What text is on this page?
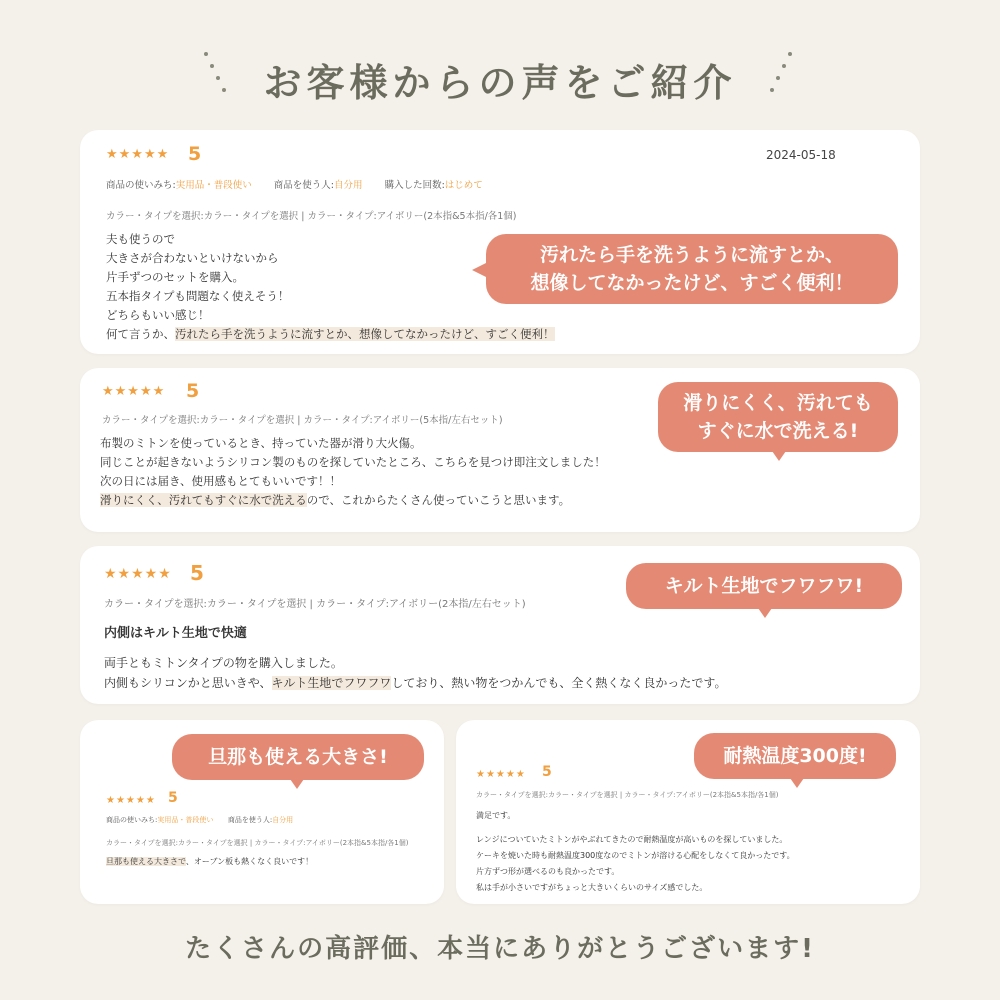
お客様からの声をご紹介
★★★★★ 5	2024-05-18
商品の使いみち:実用品・普段使い 商品を使う人:自分用 購入した回数:はじめて
カラー・タイプを選択:カラー・タイプを選択 | カラー・タイプ:アイボリー(2本指&5本指/各1個)
夫も使うので
大きさが合わないといけないから
片手ずつのセットを購入。
五本指タイプも問題なく使えそう！
どちらもいい感じ！
何て言うか、汚れたら手を洗うように流すとか、想像してなかったけど、すごく便利！
汚れたら手を洗うように流すとか、
想像してなかったけど、すごく便利！
★★★★★ 5
カラー・タイプを選択:カラー・タイプを選択 | カラー・タイプ:アイボリー(5本指/左右セット)
布製のミトンを使っているとき、持っていた器が滑り大火傷。
同じことが起きないようシリコン製のものを探していたところ、こちらを見つけ即注文しました！
次の日には届き、使用感もとてもいいです！！
滑りにくく、汚れてもすぐに水で洗えるので、これからたくさん使っていこうと思います。
滑りにくく、汚れても
すぐに水で洗える!
★★★★★ 5
カラー・タイプを選択:カラー・タイプを選択 | カラー・タイプ:アイボリー(2本指/左右セット)
内側はキルト生地で快適
両手ともミトンタイプの物を購入しました。
内側もシリコンかと思いきや、キルト生地でフワフワしており、熱い物をつかんでも、全く熱くなく良かったです。
キルト生地でフワフワ!
★★★★★ 5
商品の使いみち:実用品・普段使い 商品を使う人:自分用
カラー・タイプを選択:カラー・タイプを選択 | カラー・タイプ:アイボリー(2本指&5本指/各1個)
旦那も使える大きさで、オーブン板も熱くなく良いです！
旦那も使える大きさ!
★★★★★ 5
カラー・タイプを選択:カラー・タイプを選択 | カラー・タイプ:アイボリー(2本指&5本指/各1個)
満足です。
レンジについていたミトンがやぶれてきたので耐熱温度が高いものを探していました。
ケーキを焼いた時も耐熱温度300度なのでミトンが溶ける心配をしなくて良かったです。
片方ずつ形が選べるのも良かったです。
私は手が小さいですがちょっと大きいくらいのサイズ感でした。
耐熱温度300度!
たくさんの高評価、本当にありがとうございます!
